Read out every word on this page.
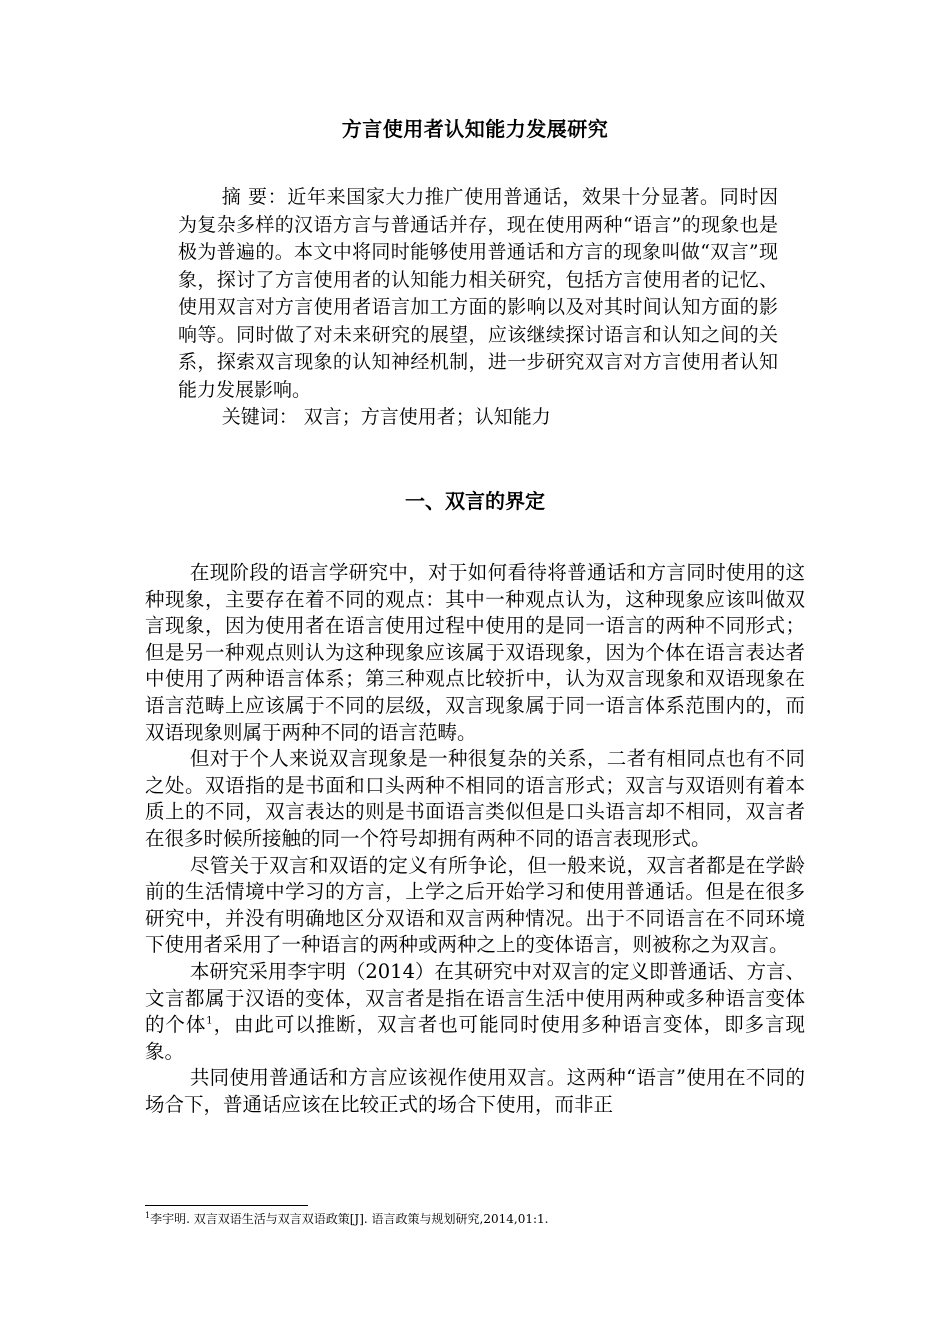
方言使用者认知能力发展研究

摘 要：近年来国家大力推广使用普通话，效果十分显著。同时因为复杂多样的汉语方言与普通话并存，现在使用两种“语言”的现象也是极为普遍的。本文中将同时能够使用普通话和方言的现象叫做“双言”现象，探讨了方言使用者的认知能力相关研究，包括方言使用者的记忆、使用双言对方言使用者语言加工方面的影响以及对其时间认知方面的影响等。同时做了对未来研究的展望，应该继续探讨语言和认知之间的关系，探索双言现象的认知神经机制，进一步研究双言对方言使用者认知能力发展影响。

关键词： 双言；方言使用者；认知能力

一、双言的界定

在现阶段的语言学研究中，对于如何看待将普通话和方言同时使用的这种现象，主要存在着不同的观点：其中一种观点认为，这种现象应该叫做双言现象，因为使用者在语言使用过程中使用的是同一语言的两种不同形式；但是另一种观点则认为这种现象应该属于双语现象，因为个体在语言表达者中使用了两种语言体系；第三种观点比较折中，认为双言现象和双语现象在语言范畴上应该属于不同的层级，双言现象属于同一语言体系范围内的，而双语现象则属于两种不同的语言范畴。

但对于个人来说双言现象是一种很复杂的关系，二者有相同点也有不同之处。双语指的是书面和口头两种不相同的语言形式；双言与双语则有着本质上的不同，双言表达的则是书面语言类似但是口头语言却不相同，双言者在很多时候所接触的同一个符号却拥有两种不同的语言表现形式。

尽管关于双言和双语的定义有所争论，但一般来说，双言者都是在学龄前的生活情境中学习的方言，上学之后开始学习和使用普通话。但是在很多研究中，并没有明确地区分双语和双言两种情况。出于不同语言在不同环境下使用者采用了一种语言的两种或两种之上的变体语言，则被称之为双言。

本研究采用李宇明（2014）在其研究中对双言的定义即普通话、方言、文言都属于汉语的变体，双言者是指在语言生活中使用两种或多种语言变体的个体$^1$，由此可以推断，双言者也可能同时使用多种语言变体，即多言现象。

共同使用普通话和方言应该视作使用双言。这两种“语言”使用在不同的场合下，普通话应该在比较正式的场合下使用，而非正

$^1$李宇明. 双言双语生活与双言双语政策[J]. 语言政策与规划研究,2014,01:1.
